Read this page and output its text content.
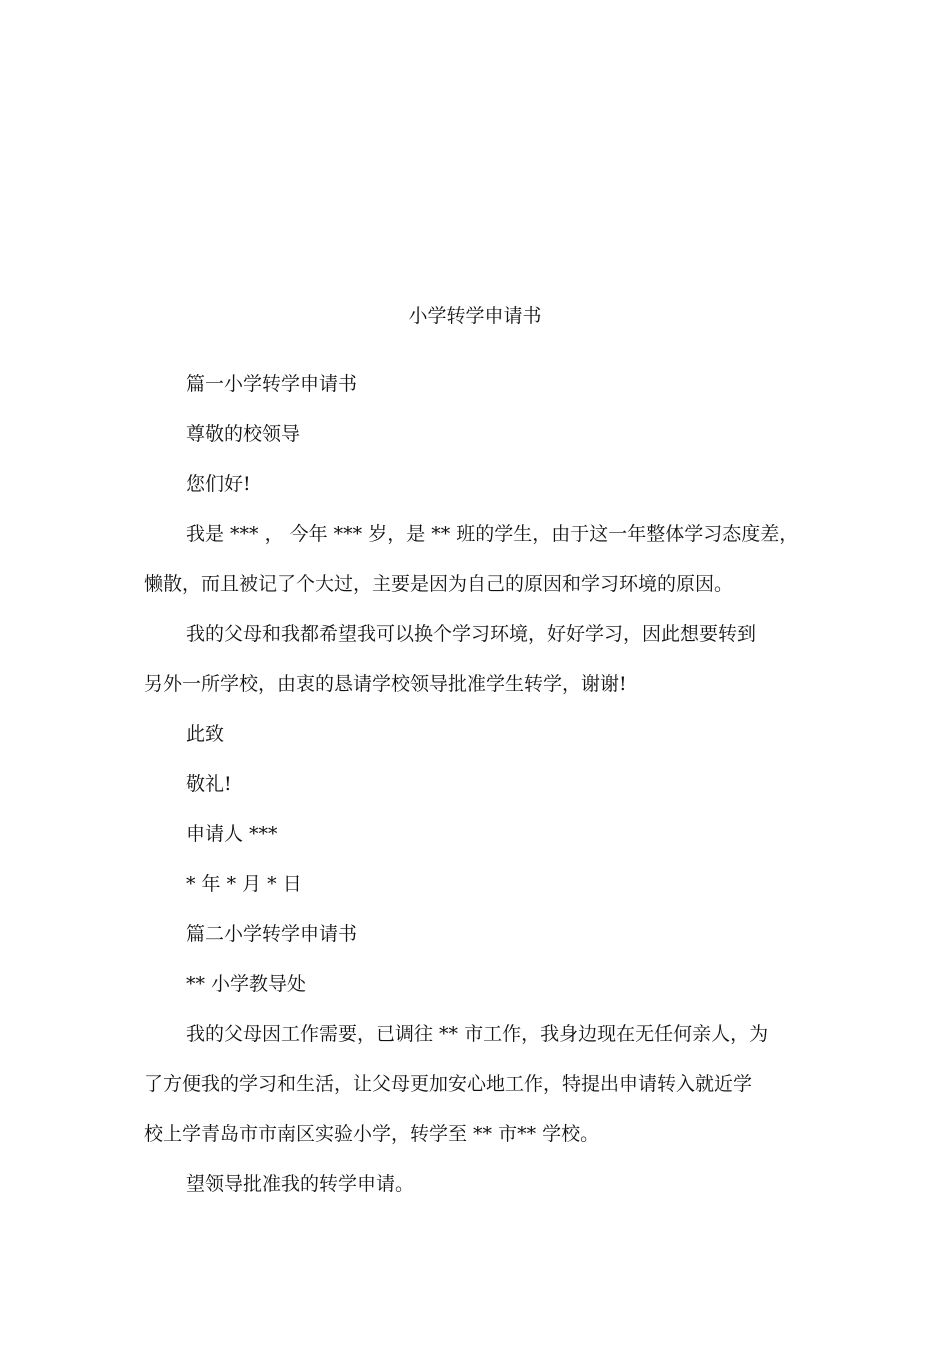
小学转学申请书
篇一小学转学申请书
尊敬的校领导
您们好!
我是 *** ， 今年 *** 岁，是 ** 班的学生，由于这一年整体学习态度差，
懒散，而且被记了个大过，主要是因为自己的原因和学习环境的原因。
我的父母和我都希望我可以换个学习环境，好好学习，因此想要转到
另外一所学校，由衷的恳请学校领导批准学生转学，谢谢!
此致
敬礼!
申请人 ***
* 年 * 月 * 日
篇二小学转学申请书
** 小学教导处
我的父母因工作需要，已调往 ** 市工作，我身边现在无任何亲人，为
了方便我的学习和生活，让父母更加安心地工作，特提出申请转入就近学
校上学青岛市市南区实验小学，转学至 ** 市** 学校。
望领导批准我的转学申请。
